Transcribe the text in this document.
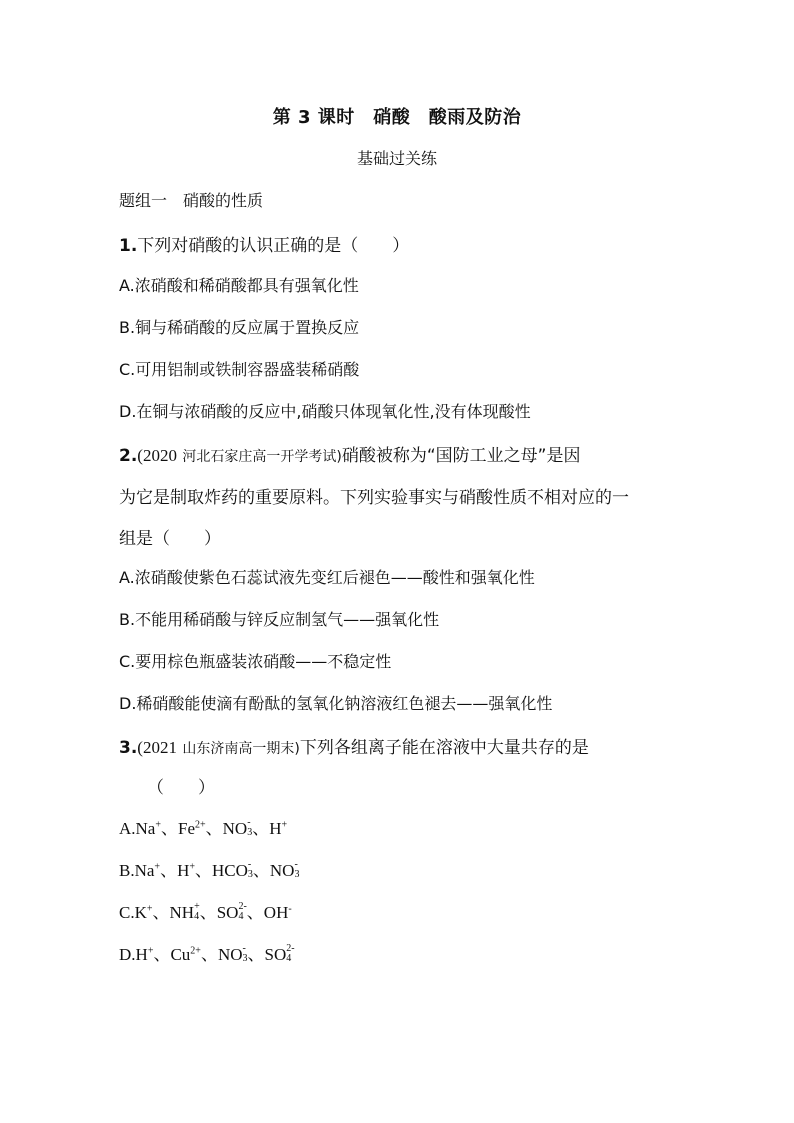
第 3 课时　硝酸　酸雨及防治
基础过关练
题组一　硝酸的性质
1.下列对硝酸的认识正确的是（　　）
A.浓硝酸和稀硝酸都具有强氧化性
B.铜与稀硝酸的反应属于置换反应
C.可用铝制或铁制容器盛装稀硝酸
D.在铜与浓硝酸的反应中,硝酸只体现氧化性,没有体现酸性
2.(2020 河北石家庄高一开学考试)硝酸被称为“国防工业之母”是因
为它是制取炸药的重要原料。下列实验事实与硝酸性质不相对应的一
组是（　　）
A.浓硝酸使紫色石蕊试液先变红后褪色——酸性和强氧化性
B.不能用稀硝酸与锌反应制氢气——强氧化性
C.要用棕色瓶盛装浓硝酸——不稳定性
D.稀硝酸能使滴有酚酞的氢氧化钠溶液红色褪去——强氧化性
3.(2021 山东济南高一期末)下列各组离子能在溶液中大量共存的是
（　　）
A.Na+、$Fe^{2+}$、NO -
3 、H+
B.Na+、H+、HCO -
3 、NO -
3
C.K+、NH +
4 、SO 2-
4 、OH-
D.H+、$Cu^{2+}$、NO -
3 、SO 2-
4
